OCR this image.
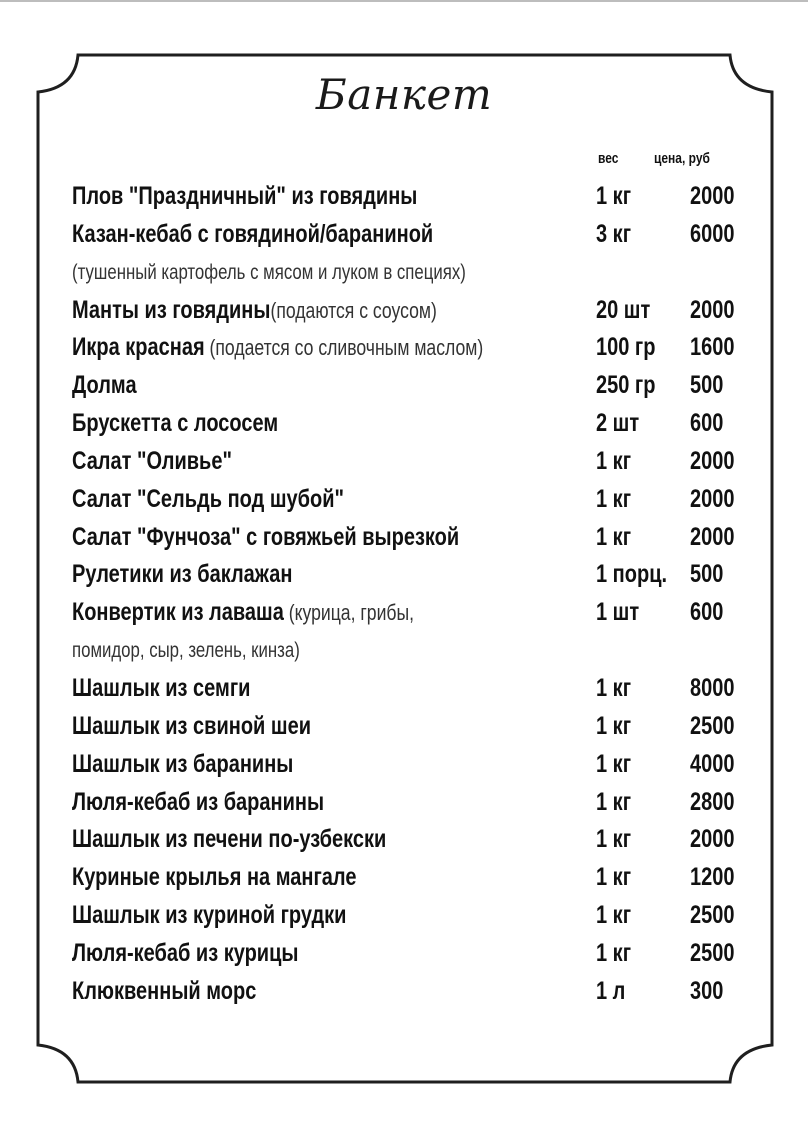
Банкет
вес цена, руб
Плов "Праздничный" из говядины	1 кг 2000
Казан-кебаб с говядиной/бараниной	3 кг 6000
(тушенный картофель с мясом и луком в специях)
Манты из говядины(подаются с соусом)	20 шт 2000
Икра красная (подается со сливочным маслом)	100 гр 1600
Долма	250 гр 500
Брускетта с лососем	2 шт 600
Салат "Оливье"	1 кг 2000
Салат "Сельдь под шубой"	1 кг 2000
Салат "Фунчоза" с говяжьей вырезкой	1 кг 2000
Рулетики из баклажан	1 порц. 500
Конвертик из лаваша (курица, грибы,	1 шт 600
помидор, сыр, зелень, кинза)
Шашлык из семги	1 кг 8000
Шашлык из свиной шеи	1 кг 2500
Шашлык из баранины	1 кг 4000
Люля-кебаб из баранины	1 кг 2800
Шашлык из печени по-узбекски	1 кг 2000
Куриные крылья на мангале	1 кг 1200
Шашлык из куриной грудки	1 кг 2500
Люля-кебаб из курицы	1 кг 2500
Клюквенный морс	1 л	300
